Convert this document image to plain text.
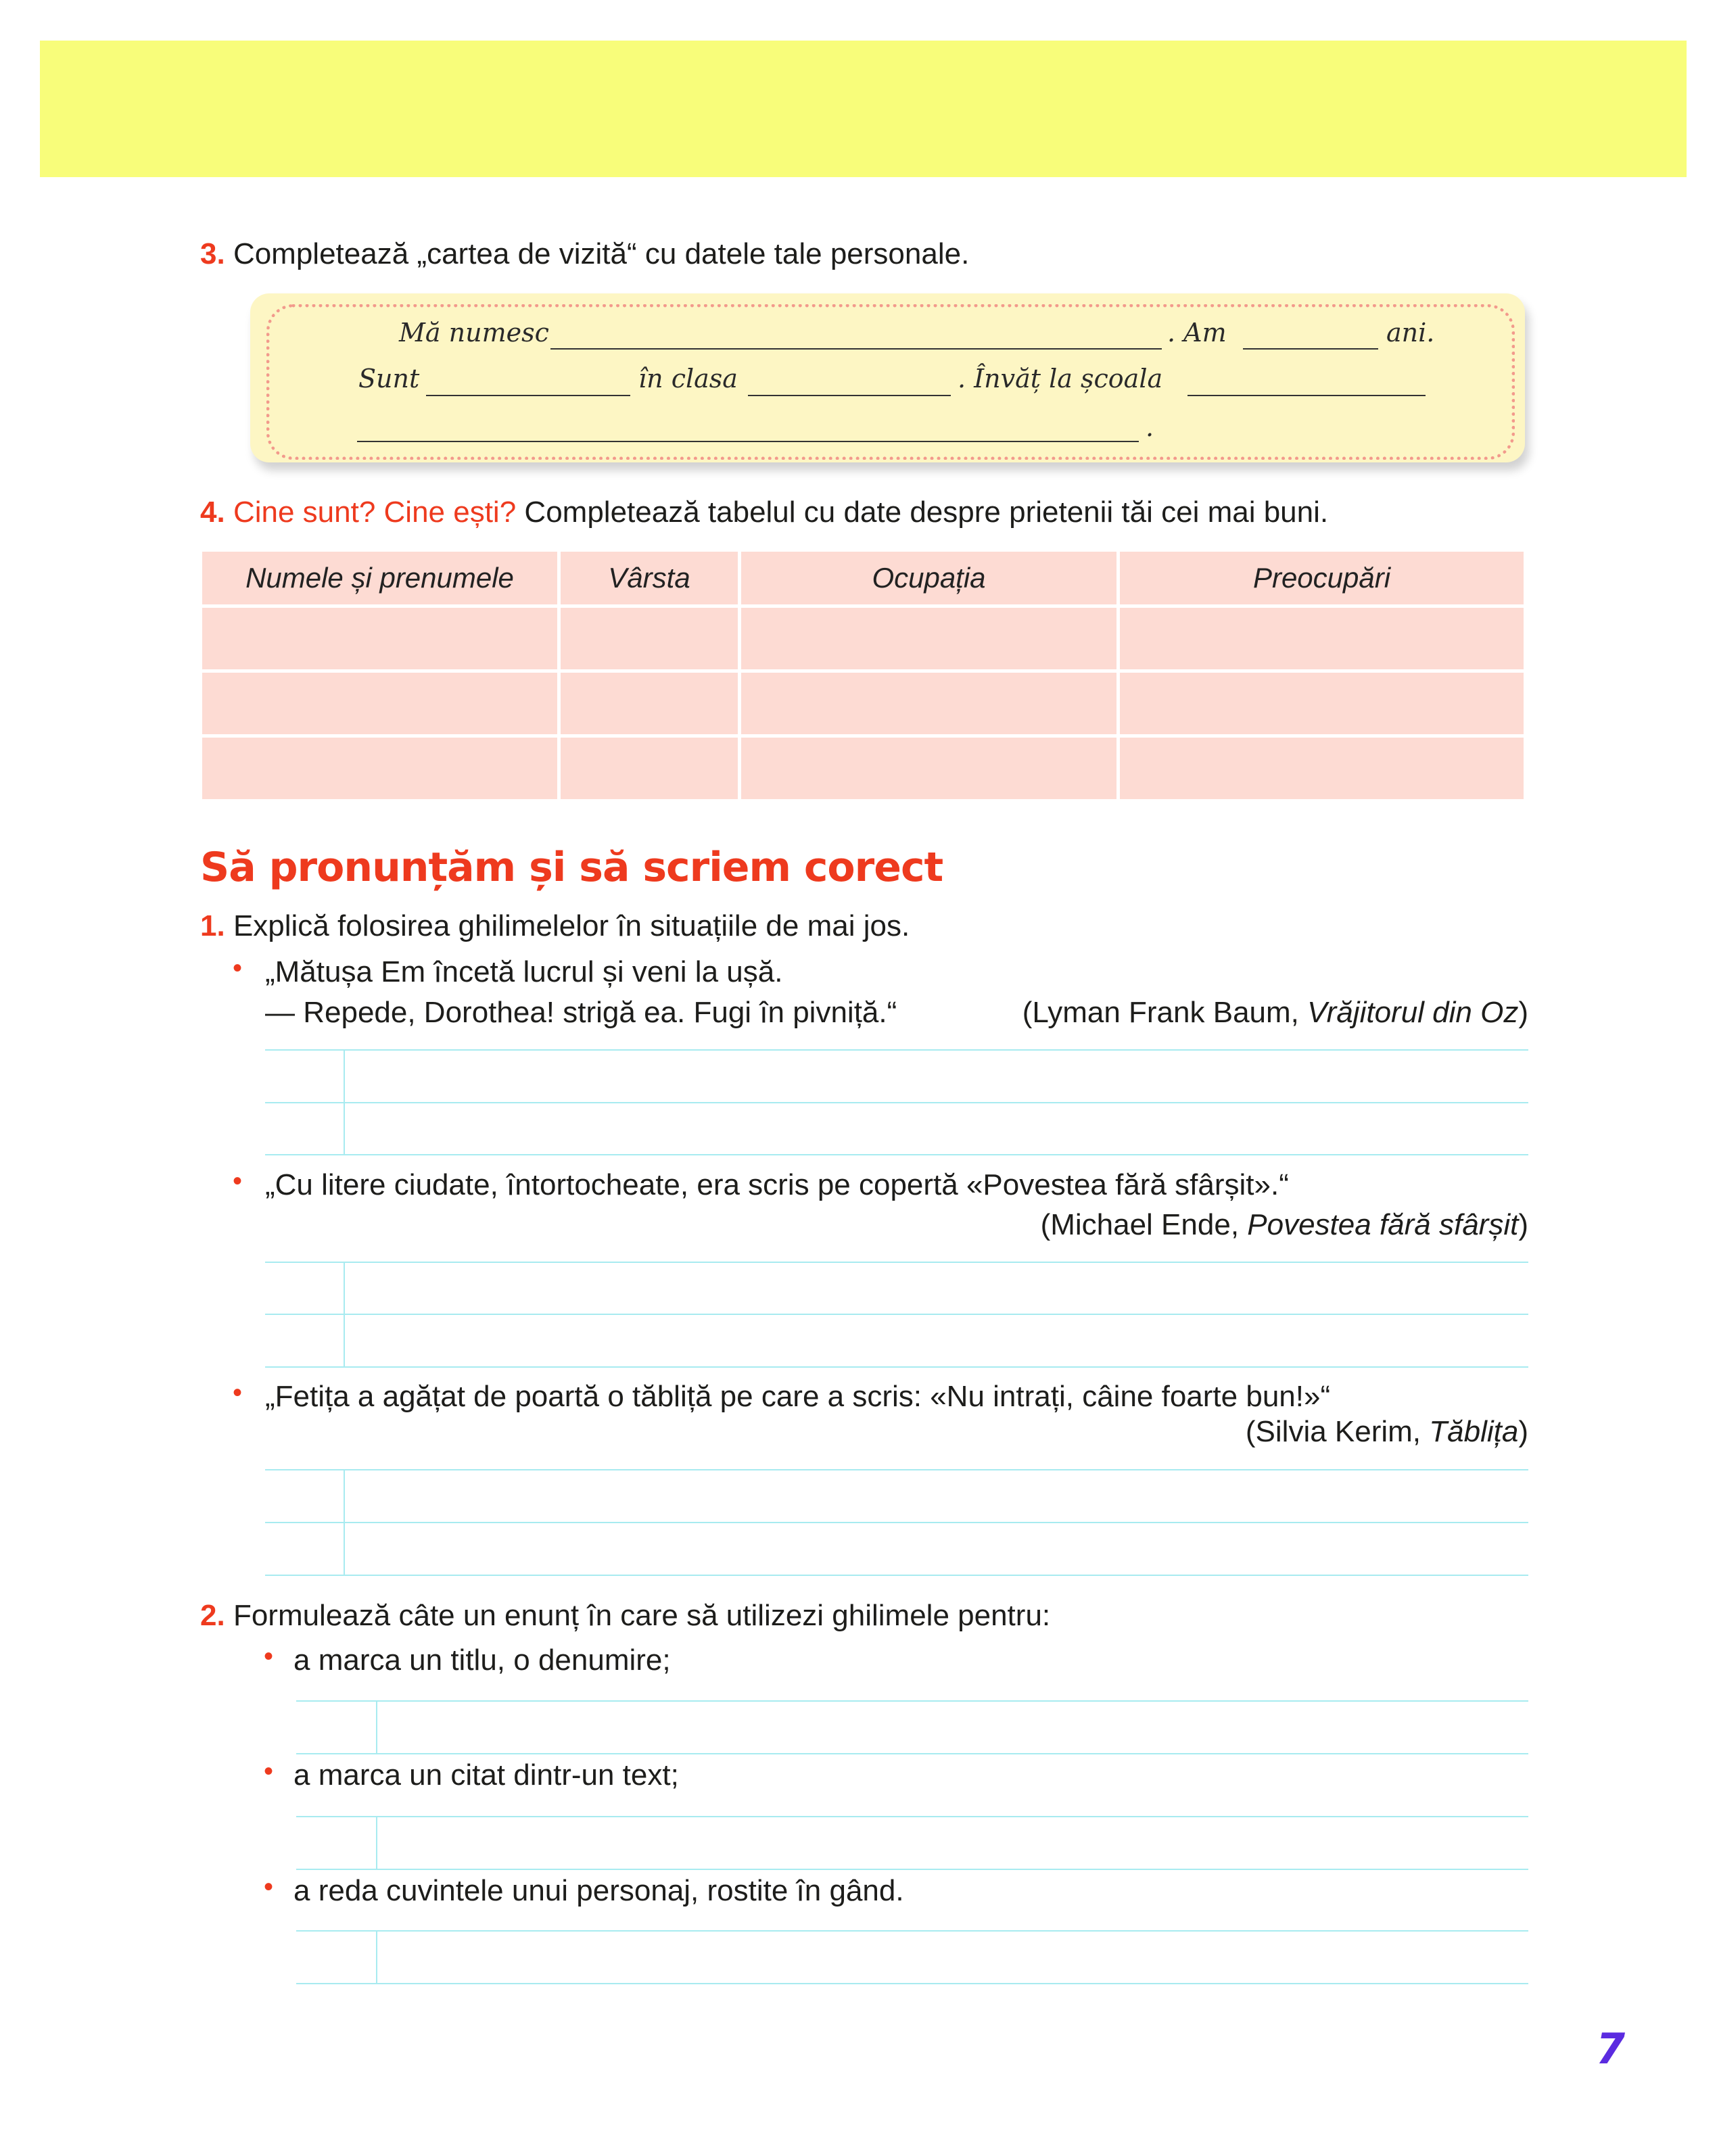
3. Completează „cartea de vizită“ cu datele tale personale.
Mă numesc	. Am	ani.
Sunt	în clasa	. Învăț la școala
.
4. Cine sunt? Cine ești? Completează tabelul cu date despre prietenii tăi cei mai buni.
Numele și prenumele	Vârsta	Ocupația	Preocupări

Să pronunțăm și să scriem corect
1. Explică folosirea ghilimelelor în situațiile de mai jos.
• „Mătușa Em încetă lucrul și veni la ușă.
— Repede, Dorothea! strigă ea. Fugi în pivniță.“	(Lyman Frank Baum, Vrăjitorul din Oz)
• „Cu litere ciudate, întortocheate, era scris pe copertă «Povestea fără sfârșit».“
(Michael Ende, Povestea fără sfârșit)
• „Fetița a agățat de poartă o tăbliță pe care a scris: «Nu intrați, câine foarte bun!»“
(Silvia Kerim, Tăblița)
2. Formulează câte un enunț în care să utilizezi ghilimele pentru:
• a marca un titlu, o denumire;
• a marca un citat dintr-un text;
• a reda cuvintele unui personaj, rostite în gând.
7
